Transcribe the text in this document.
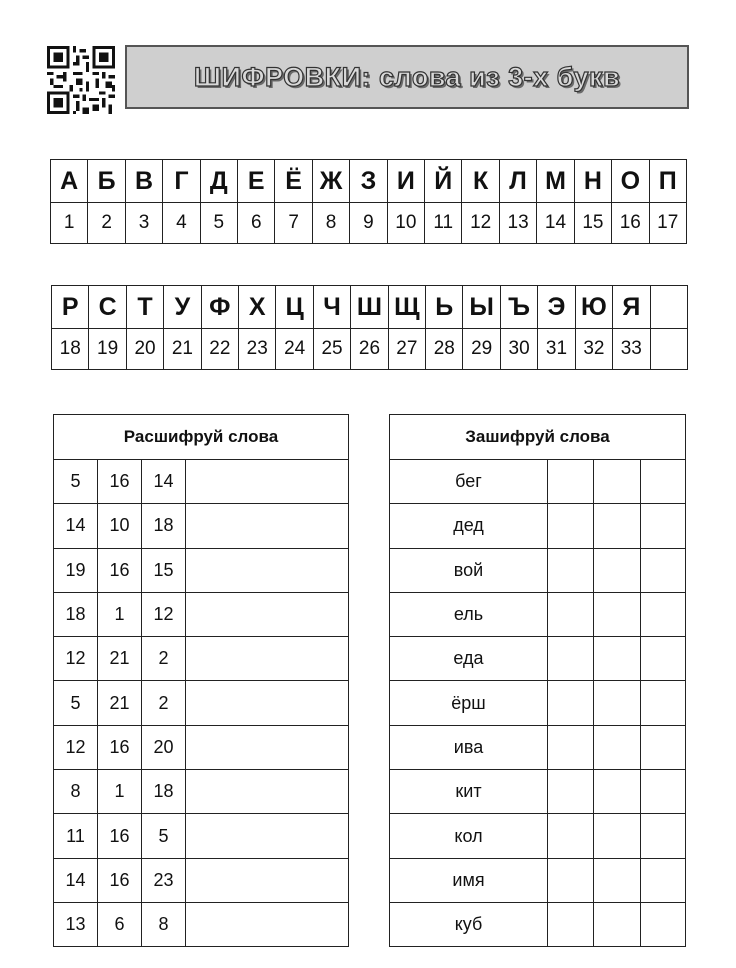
ШИФРОВКИ: слова из 3-х букв
А	Б	В	Г	Д	Е	Ё	Ж	З	И	Й	К	Л	М	Н	О	П
1	2	3	4	5	6	7	8	9	10	11	12	13	14	15	16	17
Р	С	Т	У	Ф	Х	Ц	Ч	Ш	Щ	Ь	Ы	Ъ	Э	Ю	Я	
18	19	20	21	22	23	24	25	26	27	28	29	30	31	32	33	
Расшифруй слова			
5	16	14	
14	10	18	
19	16	15	
18	1	12	
12	21	2	
5	21	2	
12	16	20	
8	1	18	
11	16	5	
14	16	23	
13	6	8	
Зашифруй слова			
бег			
дед			
вой			
ель			
еда			
ёрш			
ива			
кит			
кол			
имя			
куб			
